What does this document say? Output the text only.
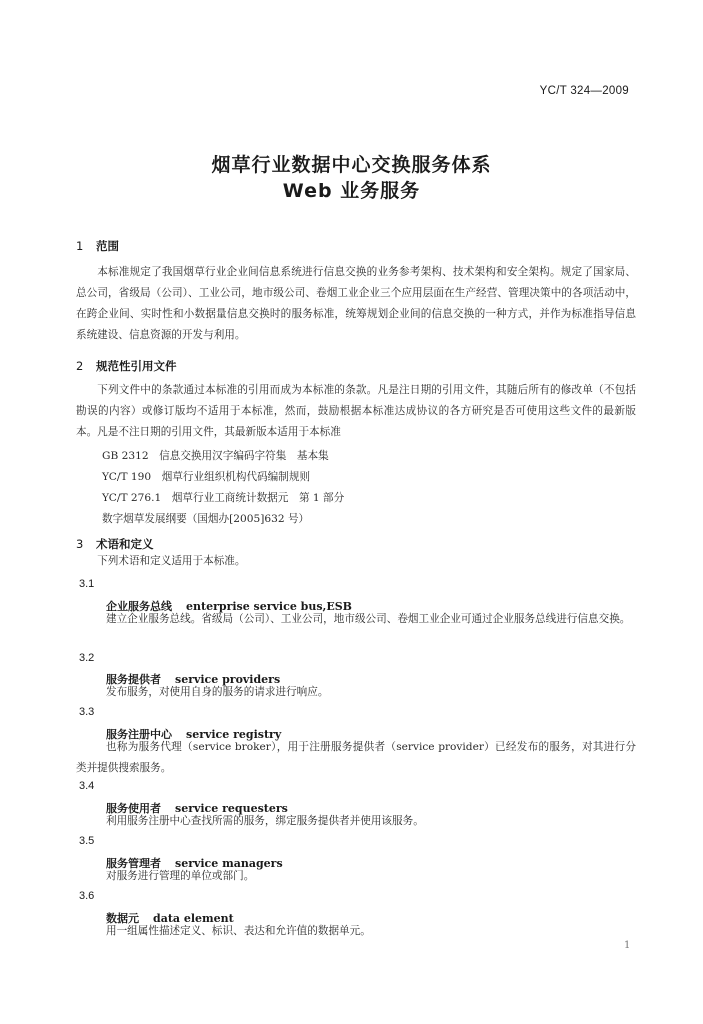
YC/T 324—2009
烟草行业数据中心交换服务体系
Web 业务服务
1 范围

本标准规定了我国烟草行业企业间信息系统进行信息交换的业务参考架构、技术架构和安全架构。规定了国家局、总公司，省级局（公司）、工业公司，地市级公司、卷烟工业企业三个应用层面在生产经营、管理决策中的各项活动中，在跨企业间、实时性和小数据量信息交换时的服务标准，统筹规划企业间的信息交换的一种方式，并作为标准指导信息系统建设、信息资源的开发与利用。

2 规范性引用文件

下列文件中的条款通过本标准的引用而成为本标准的条款。凡是注日期的引用文件，其随后所有的修改单（不包括勘误的内容）或修订版均不适用于本标准，然而，鼓励根据本标准达成协议的各方研究是否可使用这些文件的最新版本。凡是不注日期的引用文件，其最新版本适用于本标准

GB 2312　信息交换用汉字编码字符集　基本集
YC/T 190　烟草行业组织机构代码编制规则
YC/T 276.1　烟草行业工商统计数据元　第 1 部分
数字烟草发展纲要（国烟办[2005]632 号）
3 术语和定义

下列术语和定义适用于本标准。

3.1
企业服务总线 enterprise service bus,ESB

建立企业服务总线。省级局（公司）、工业公司，地市级公司、卷烟工业企业可通过企业服务总线进行信息交换。

3.2
服务提供者 service providers

发布服务，对使用自身的服务的请求进行响应。

3.3
服务注册中心 service registry

也称为服务代理（service broker），用于注册服务提供者（service provider）已经发布的服务，对其进行分类并提供搜索服务。

3.4
服务使用者 service requesters

利用服务注册中心查找所需的服务，绑定服务提供者并使用该服务。

3.5
服务管理者 service managers

对服务进行管理的单位或部门。

3.6
数据元 data element

用一组属性描述定义、标识、表达和允许值的数据单元。

1
